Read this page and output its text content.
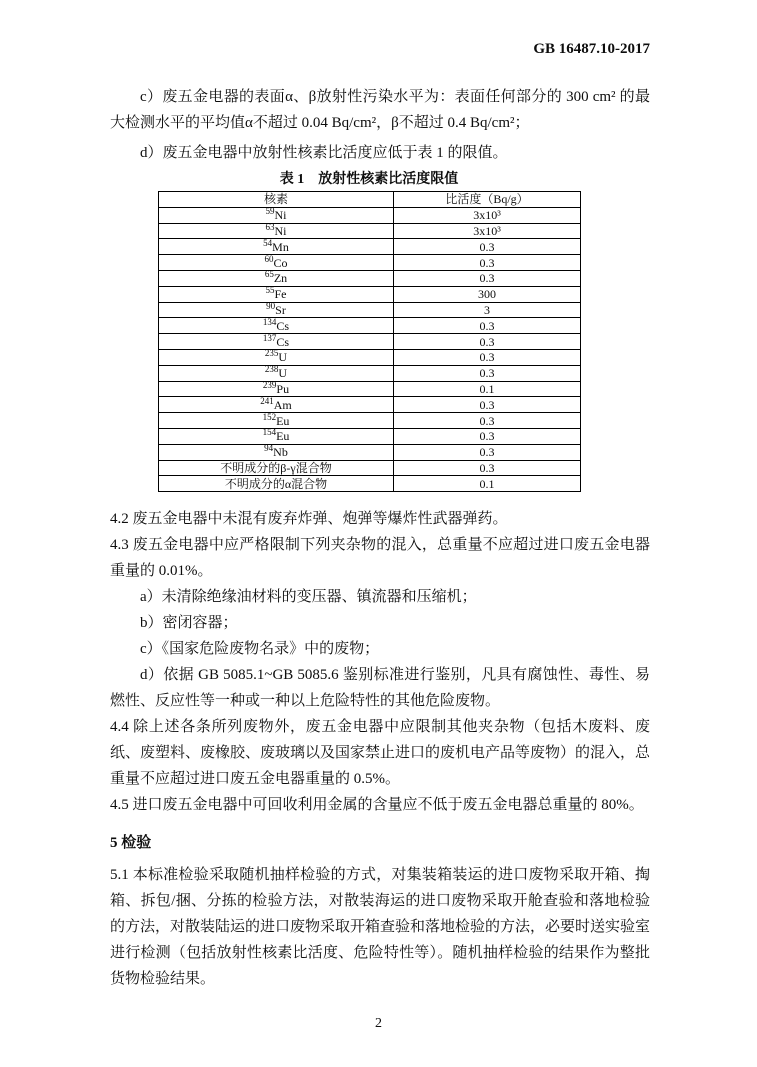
GB 16487.10-2017

c）废五金电器的表面α、β放射性污染水平为：表面任何部分的 300 cm² 的最大检测水平的平均值α不超过 0.04 Bq/cm²，β不超过 0.4 Bq/cm²；

d）废五金电器中放射性核素比活度应低于表 1 的限值。

表 1　放射性核素比活度限值
核素	比活度（Bq/g）
$^{59}$Ni	3x10³
$^{63}$Ni	3x10³
$^{54}$Mn	0.3
$^{60}$Co	0.3
$^{65}$Zn	0.3
$^{55}$Fe	300
$^{90}$Sr	3
$^{134}$Cs	0.3
$^{137}$Cs	0.3
$^{235}$U	0.3
$^{238}$U	0.3
$^{239}$Pu	0.1
$^{241}$Am	0.3
$^{152}$Eu	0.3
$^{154}$Eu	0.3
$^{94}$Nb	0.3
不明成分的β-γ混合物	0.3
不明成分的α混合物	0.1

4.2 废五金电器中未混有废弃炸弹、炮弹等爆炸性武器弹药。

4.3 废五金电器中应严格限制下列夹杂物的混入，总重量不应超过进口废五金电器重量的 0.01%。

a）未清除绝缘油材料的变压器、镇流器和压缩机；

b）密闭容器；

c）《国家危险废物名录》中的废物；

d）依据 GB 5085.1~GB 5085.6 鉴别标准进行鉴别，凡具有腐蚀性、毒性、易燃性、反应性等一种或一种以上危险特性的其他危险废物。

4.4 除上述各条所列废物外，废五金电器中应限制其他夹杂物（包括木废料、废纸、废塑料、废橡胶、废玻璃以及国家禁止进口的废机电产品等废物）的混入，总重量不应超过进口废五金电器重量的 0.5%。

4.5 进口废五金电器中可回收利用金属的含量应不低于废五金电器总重量的 80%。

5 检验

5.1 本标准检验采取随机抽样检验的方式，对集装箱装运的进口废物采取开箱、掏箱、拆包/捆、分拣的检验方法，对散装海运的进口废物采取开舱查验和落地检验的方法，对散装陆运的进口废物采取开箱查验和落地检验的方法，必要时送实验室进行检测（包括放射性核素比活度、危险特性等）。随机抽样检验的结果作为整批货物检验结果。

2
